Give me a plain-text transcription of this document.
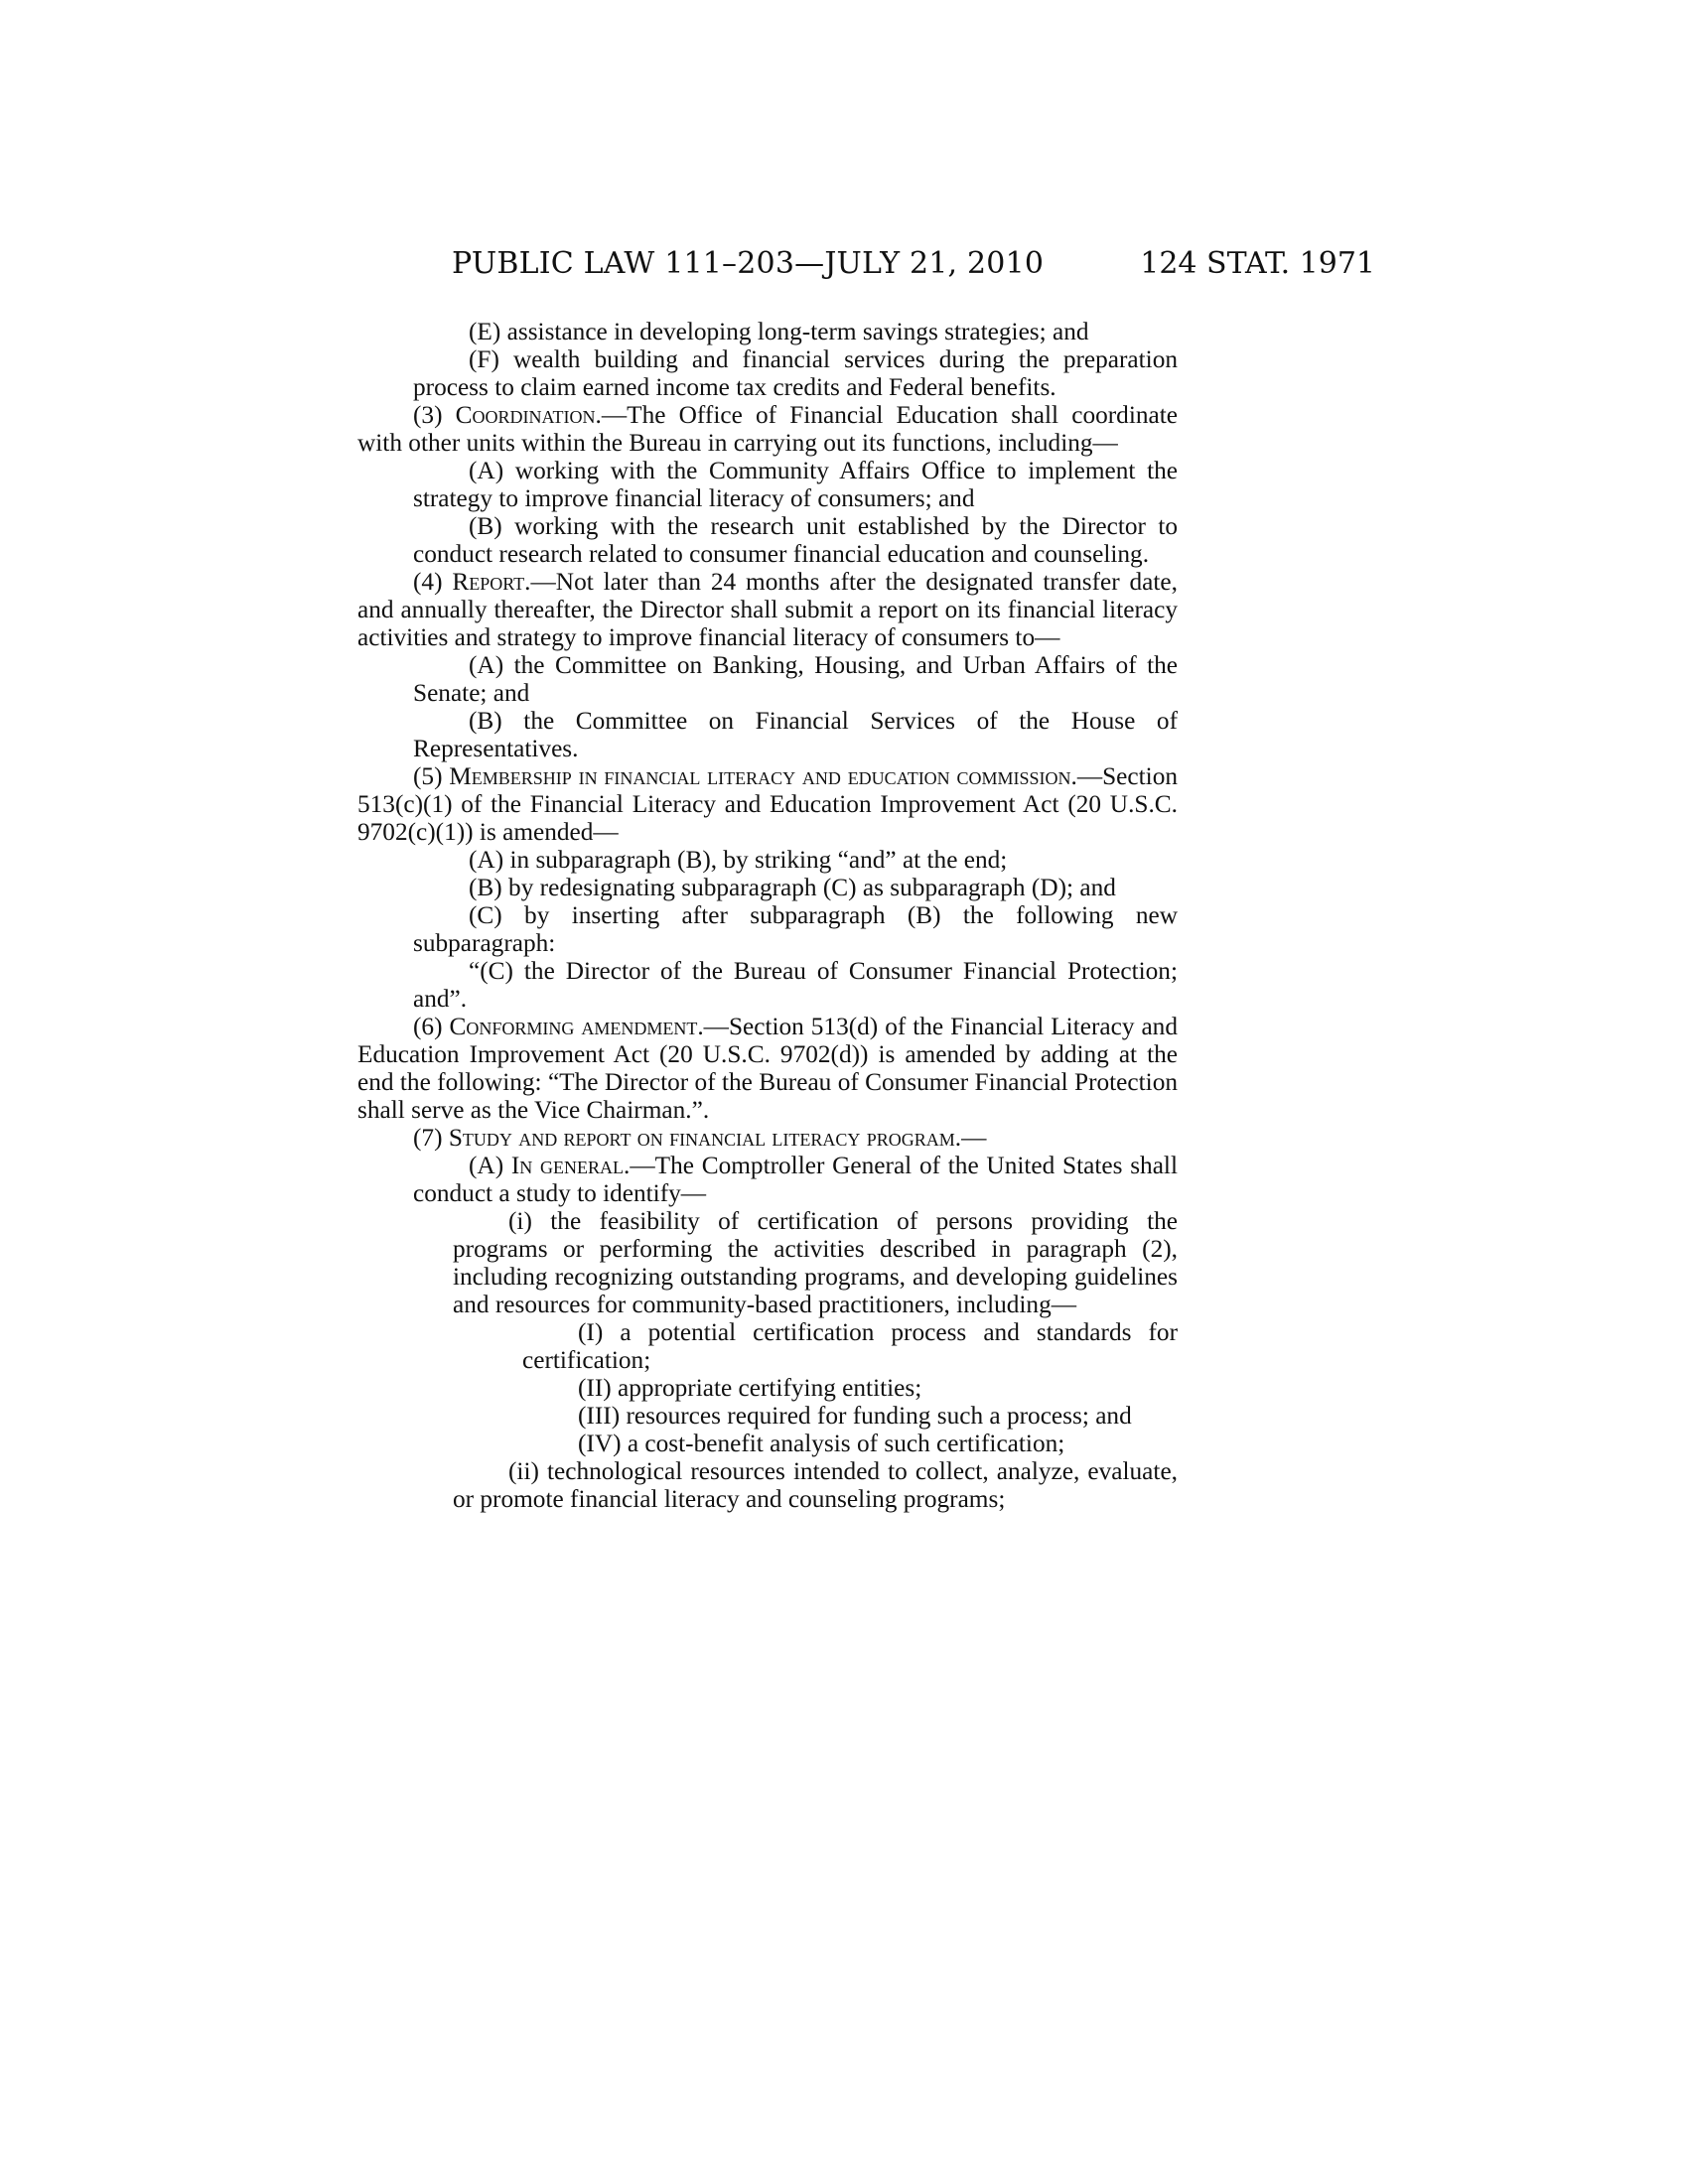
PUBLIC LAW 111–203—JULY 21, 2010	124 STAT. 1971

(E) assistance in developing long-term savings strategies; and

(F) wealth building and financial services during the preparation process to claim earned income tax credits and Federal benefits.

(3) Coordination.—The Office of Financial Education shall coordinate with other units within the Bureau in carrying out its functions, including—

(A) working with the Community Affairs Office to implement the strategy to improve financial literacy of consumers; and

(B) working with the research unit established by the Director to conduct research related to consumer financial education and counseling.

(4) Report.—Not later than 24 months after the designated transfer date, and annually thereafter, the Director shall submit a report on its financial literacy activities and strategy to improve financial literacy of consumers to—

(A) the Committee on Banking, Housing, and Urban Affairs of the Senate; and

(B) the Committee on Financial Services of the House of Representatives.

(5) Membership in financial literacy and education commission.—Section 513(c)(1) of the Financial Literacy and Education Improvement Act (20 U.S.C. 9702(c)(1)) is amended—

(A) in subparagraph (B), by striking “and” at the end;

(B) by redesignating subparagraph (C) as subparagraph (D); and

(C) by inserting after subparagraph (B) the following new subparagraph:

“(C) the Director of the Bureau of Consumer Financial Protection; and”.

(6) Conforming amendment.—Section 513(d) of the Financial Literacy and Education Improvement Act (20 U.S.C. 9702(d)) is amended by adding at the end the following: “The Director of the Bureau of Consumer Financial Protection shall serve as the Vice Chairman.”.

(7) Study and report on financial literacy program.—

(A) In general.—The Comptroller General of the United States shall conduct a study to identify—

(i) the feasibility of certification of persons providing the programs or performing the activities described in paragraph (2), including recognizing outstanding programs, and developing guidelines and resources for community-based practitioners, including—

(I) a potential certification process and standards for certification;

(II) appropriate certifying entities;

(III) resources required for funding such a process; and

(IV) a cost-benefit analysis of such certification;

(ii) technological resources intended to collect, analyze, evaluate, or promote financial literacy and counseling programs;
